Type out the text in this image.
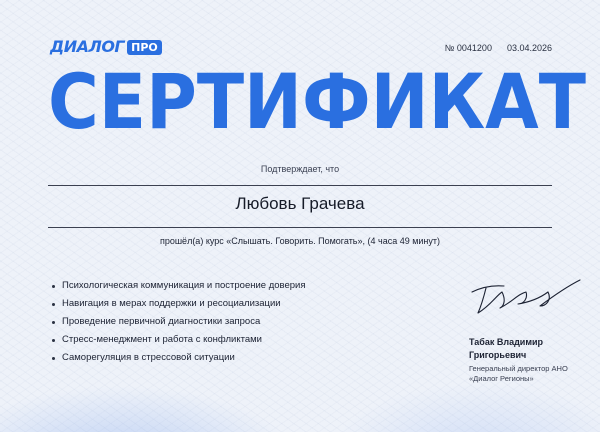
ДИАЛОГ ПРО	№ 0041200 03.04.2026
СЕРТИФИКАТ
Подтверждает, что
Любовь Грачева
прошёл(а) курс «Слышать. Говорить. Помогать», (4 часа 49 минут)
Психологическая коммуникация и построение доверия
Навигация в мерах поддержки и ресоциализации
Проведение первичной диагностики запроса
Стресс-менеджмент и работа с конфликтами
Саморегуляция в стрессовой ситуации
Табак Владимир
Григорьевич
Генеральный директор АНО
«Диалог Регионы»
